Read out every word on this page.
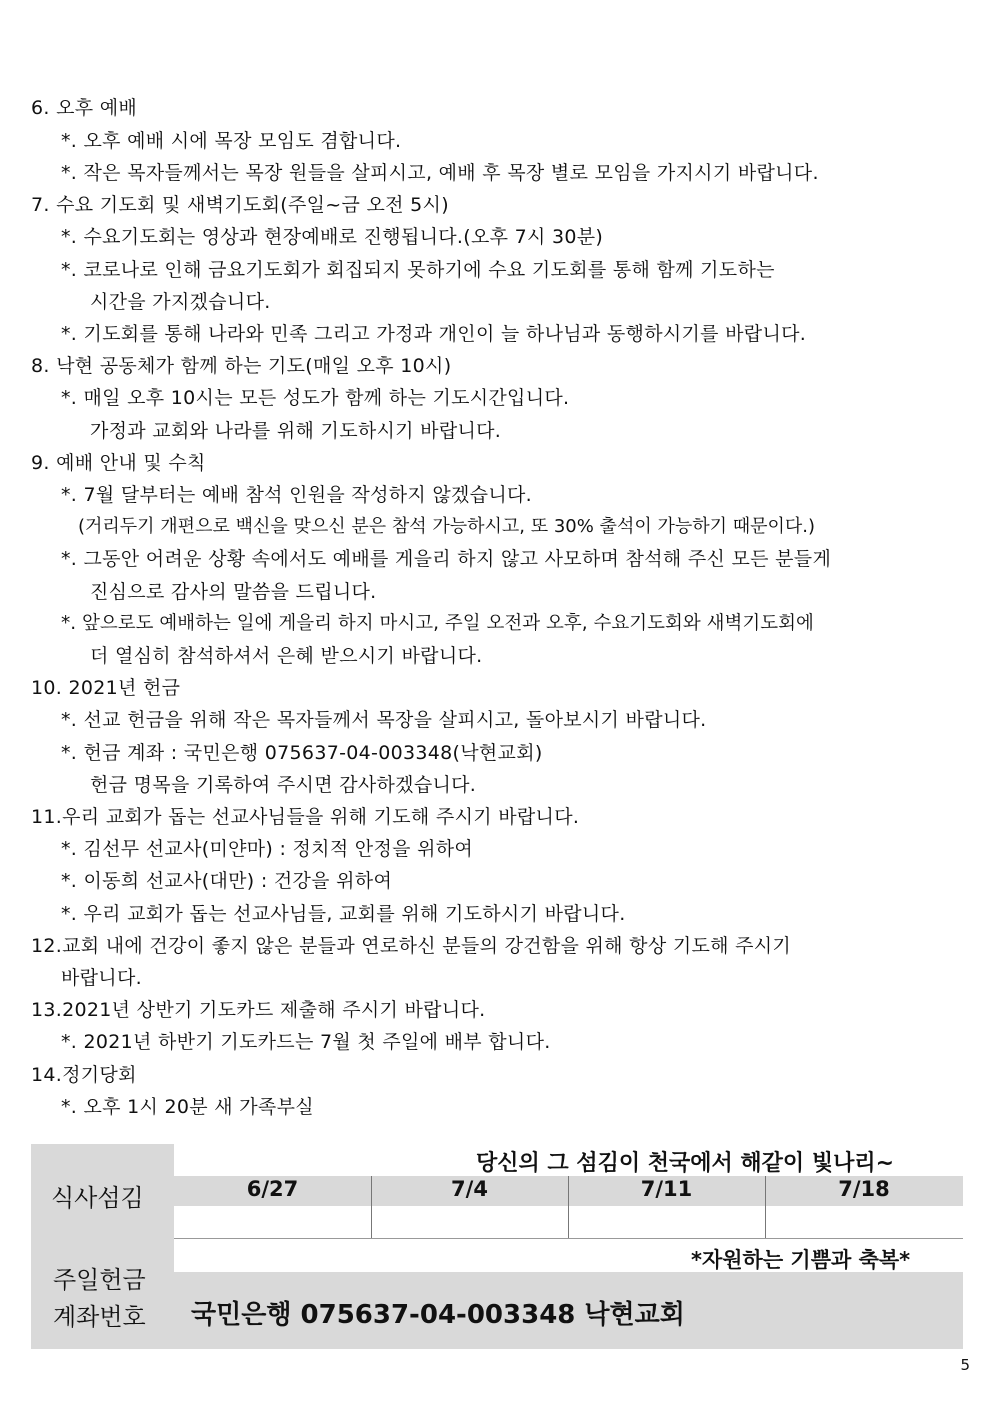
6. 오후 예배
*. 오후 예배 시에 목장 모임도 겸합니다.
*. 작은 목자들께서는 목장 원들을 살피시고, 예배 후 목장 별로 모임을 가지시기 바랍니다.
7. 수요 기도회 및 새벽기도회(주일~금 오전 5시)
*. 수요기도회는 영상과 현장예배로 진행됩니다.(오후 7시 30분)
*. 코로나로 인해 금요기도회가 회집되지 못하기에 수요 기도회를 통해 함께 기도하는
시간을 가지겠습니다.
*. 기도회를 통해 나라와 민족 그리고 가정과 개인이 늘 하나님과 동행하시기를 바랍니다.
8. 낙현 공동체가 함께 하는 기도(매일 오후 10시)
*. 매일 오후 10시는 모든 성도가 함께 하는 기도시간입니다.
가정과 교회와 나라를 위해 기도하시기 바랍니다.
9. 예배 안내 및 수칙
*. 7월 달부터는 예배 참석 인원을 작성하지 않겠습니다.
(거리두기 개편으로 백신을 맞으신 분은 참석 가능하시고, 또 30% 출석이 가능하기 때문이다.)
*. 그동안 어려운 상황 속에서도 예배를 게을리 하지 않고 사모하며 참석해 주신 모든 분들게
진심으로 감사의 말씀을 드립니다.
*. 앞으로도 예배하는 일에 게을리 하지 마시고, 주일 오전과 오후, 수요기도회와 새벽기도회에
더 열심히 참석하셔서 은혜 받으시기 바랍니다.
10. 2021년 헌금
*. 선교 헌금을 위해 작은 목자들께서 목장을 살피시고, 돌아보시기 바랍니다.
*. 헌금 계좌 : 국민은행 075637-04-003348(낙현교회)
헌금 명목을 기록하여 주시면 감사하겠습니다.
11.우리 교회가 돕는 선교사님들을 위해 기도해 주시기 바랍니다.
*. 김선무 선교사(미얀마) : 정치적 안정을 위하여
*. 이동희 선교사(대만) : 건강을 위하여
*. 우리 교회가 돕는 선교사님들, 교회를 위해 기도하시기 바랍니다.
12.교회 내에 건강이 좋지 않은 분들과 연로하신 분들의 강건함을 위해 항상 기도해 주시기
바랍니다.
13.2021년 상반기 기도카드 제출해 주시기 바랍니다.
*. 2021년 하반기 기도카드는 7월 첫 주일에 배부 합니다.
14.정기당회
*. 오후 1시 20분 새 가족부실
식사섬김
당신의 그 섬김이 천국에서 해같이 빛나리~
6/27	7/4	7/11	7/18
*자원하는 기쁨과 축복*
주일헌금
계좌번호 국민은행 075637-04-003348 낙현교회
5
